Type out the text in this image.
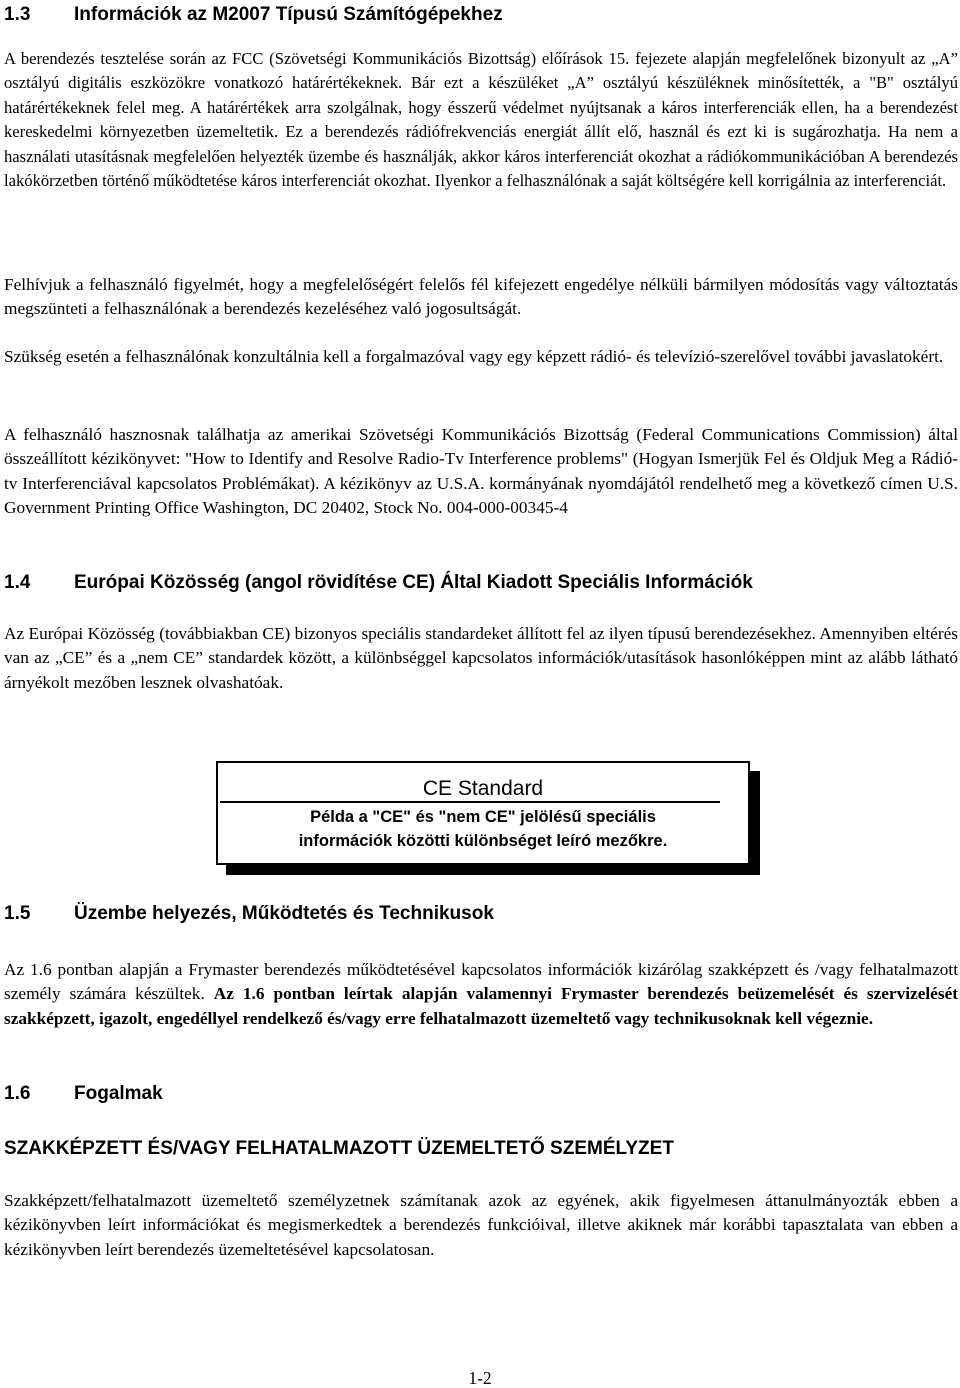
1.3 Információk az M2007 Típusú Számítógépekhez
A berendezés tesztelése során az FCC (Szövetségi Kommunikációs Bizottság) előírások 15. fejezete alapján megfelelőnek bizonyult az „A” osztályú digitális eszközökre vonatkozó határértékeknek. Bár ezt a készüléket „A” osztályú készüléknek minősítették, a "B" osztályú határértékeknek felel meg. A határértékek arra szolgálnak, hogy ésszerű védelmet nyújtsanak a káros interferenciák ellen, ha a berendezést kereskedelmi környezetben üzemeltetik. Ez a berendezés rádiófrekvenciás energiát állít elő, használ és ezt ki is sugározhatja. Ha nem a használati utasításnak megfelelően helyezték üzembe és használják, akkor káros interferenciát okozhat a rádiókommunikációban A berendezés lakókörzetben történő működtetése káros interferenciát okozhat. Ilyenkor a felhasználónak a saját költségére kell korrigálnia az interferenciát.
Felhívjuk a felhasználó figyelmét, hogy a megfelelőségért felelős fél kifejezett engedélye nélküli bármilyen módosítás vagy változtatás megszünteti a felhasználónak a berendezés kezeléséhez való jogosultságát.
Szükség esetén a felhasználónak konzultálnia kell a forgalmazóval vagy egy képzett rádió- és televízió-szerelővel további javaslatokért.
A felhasználó hasznosnak találhatja az amerikai Szövetségi Kommunikációs Bizottság (Federal Communications Commission) által összeállított kézikönyvet: "How to Identify and Resolve Radio-Tv Interference problems" (Hogyan Ismerjük Fel és Oldjuk Meg a Rádió-tv Interferenciával kapcsolatos Problémákat). A kézikönyv az U.S.A. kormányának nyomdájától rendelhető meg a következő címen U.S. Government Printing Office Washington, DC 20402, Stock No. 004-000-00345-4
1.4 Európai Közösség (angol rövidítése CE) Által Kiadott Speciális Információk
Az Európai Közösség (továbbiakban CE) bizonyos speciális standardeket állított fel az ilyen típusú berendezésekhez. Amennyiben eltérés van az „CE” és a „nem CE” standardek között, a különbséggel kapcsolatos információk/utasítások hasonlóképpen mint az alább látható árnyékolt mezőben lesznek olvashatóak.
CE Standard
Példa a "CE" és "nem CE" jelölésű speciális
információk közötti különbséget leíró mezőkre.
1.5 Üzembe helyezés, Működtetés és Technikusok
Az 1.6 pontban alapján a Frymaster berendezés működtetésével kapcsolatos információk kizárólag szakképzett és /vagy felhatalmazott személy számára készültek. Az 1.6 pontban leírtak alapján valamennyi Frymaster berendezés beüzemelését és szervizelését szakképzett, igazolt, engedéllyel rendelkező és/vagy erre felhatalmazott üzemeltető vagy technikusoknak kell végeznie.
1.6 Fogalmak
SZAKKÉPZETT ÉS/VAGY FELHATALMAZOTT ÜZEMELTETŐ SZEMÉLYZET
Szakképzett/felhatalmazott üzemeltető személyzetnek számítanak azok az egyének, akik figyelmesen áttanulmányozták ebben a kézikönyvben leírt információkat és megismerkedtek a berendezés funkcióival, illetve akiknek már korábbi tapasztalata van ebben a kézikönyvben leírt berendezés üzemeltetésével kapcsolatosan.
1-2
